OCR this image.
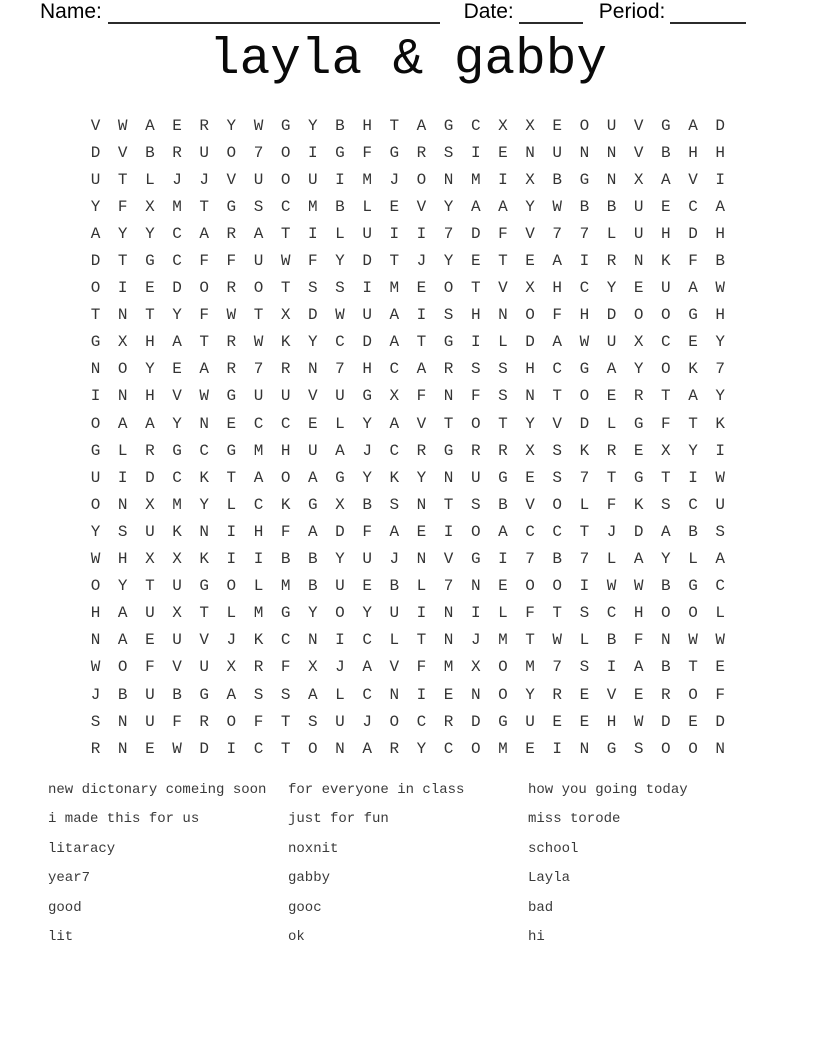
Name:	Date:	Period:
layla & gabby
V	W	A	E	R	Y	W	G	Y	B	H	T	A	G	C	X	X	E	O	U	V	G	A	D
D	V	B	R	U	O	7	O	I	G	F	G	R	S	I	E	N	U	N	N	V	B	H	H
U	T	L	J	J	V	U	O	U	I	M	J	O	N	M	I	X	B	G	N	X	A	V	I
Y	F	X	M	T	G	S	C	M	B	L	E	V	Y	A	A	Y	W	B	B	U	E	C	A
A	Y	Y	C	A	R	A	T	I	L	U	I	I	7	D	F	V	7	7	L	U	H	D	H
D	T	G	C	F	F	U	W	F	Y	D	T	J	Y	E	T	E	A	I	R	N	K	F	B
O	I	E	D	O	R	O	T	S	S	I	M	E	O	T	V	X	H	C	Y	E	U	A	W
T	N	T	Y	F	W	T	X	D	W	U	A	I	S	H	N	O	F	H	D	O	O	G	H
G	X	H	A	T	R	W	K	Y	C	D	A	T	G	I	L	D	A	W	U	X	C	E	Y
N	O	Y	E	A	R	7	R	N	7	H	C	A	R	S	S	H	C	G	A	Y	O	K	7
I	N	H	V	W	G	U	U	V	U	G	X	F	N	F	S	N	T	O	E	R	T	A	Y
O	A	A	Y	N	E	C	C	E	L	Y	A	V	T	O	T	Y	V	D	L	G	F	T	K
G	L	R	G	C	G	M	H	U	A	J	C	R	G	R	R	X	S	K	R	E	X	Y	I
U	I	D	C	K	T	A	O	A	G	Y	K	Y	N	U	G	E	S	7	T	G	T	I	W
O	N	X	M	Y	L	C	K	G	X	B	S	N	T	S	B	V	O	L	F	K	S	C	U
Y	S	U	K	N	I	H	F	A	D	F	A	E	I	O	A	C	C	T	J	D	A	B	S
W	H	X	X	K	I	I	B	B	Y	U	J	N	V	G	I	7	B	7	L	A	Y	L	A
O	Y	T	U	G	O	L	M	B	U	E	B	L	7	N	E	O	O	I	W	W	B	G	C
H	A	U	X	T	L	M	G	Y	O	Y	U	I	N	I	L	F	T	S	C	H	O	O	L
N	A	E	U	V	J	K	C	N	I	C	L	T	N	J	M	T	W	L	B	F	N	W	W
W	O	F	V	U	X	R	F	X	J	A	V	F	M	X	O	M	7	S	I	A	B	T	E
J	B	U	B	G	A	S	S	A	L	C	N	I	E	N	O	Y	R	E	V	E	R	O	F
S	N	U	F	R	O	F	T	S	U	J	O	C	R	D	G	U	E	E	H	W	D	E	D
R	N	E	W	D	I	C	T	O	N	A	R	Y	C	O	M	E	I	N	G	S	O	O	N
new dictonary comeing soon
i made this for us
litaracy
year7
good
lit
for everyone in class
just for fun
noxnit
gabby
gooc
ok
how you going today
miss torode
school
Layla
bad
hi
